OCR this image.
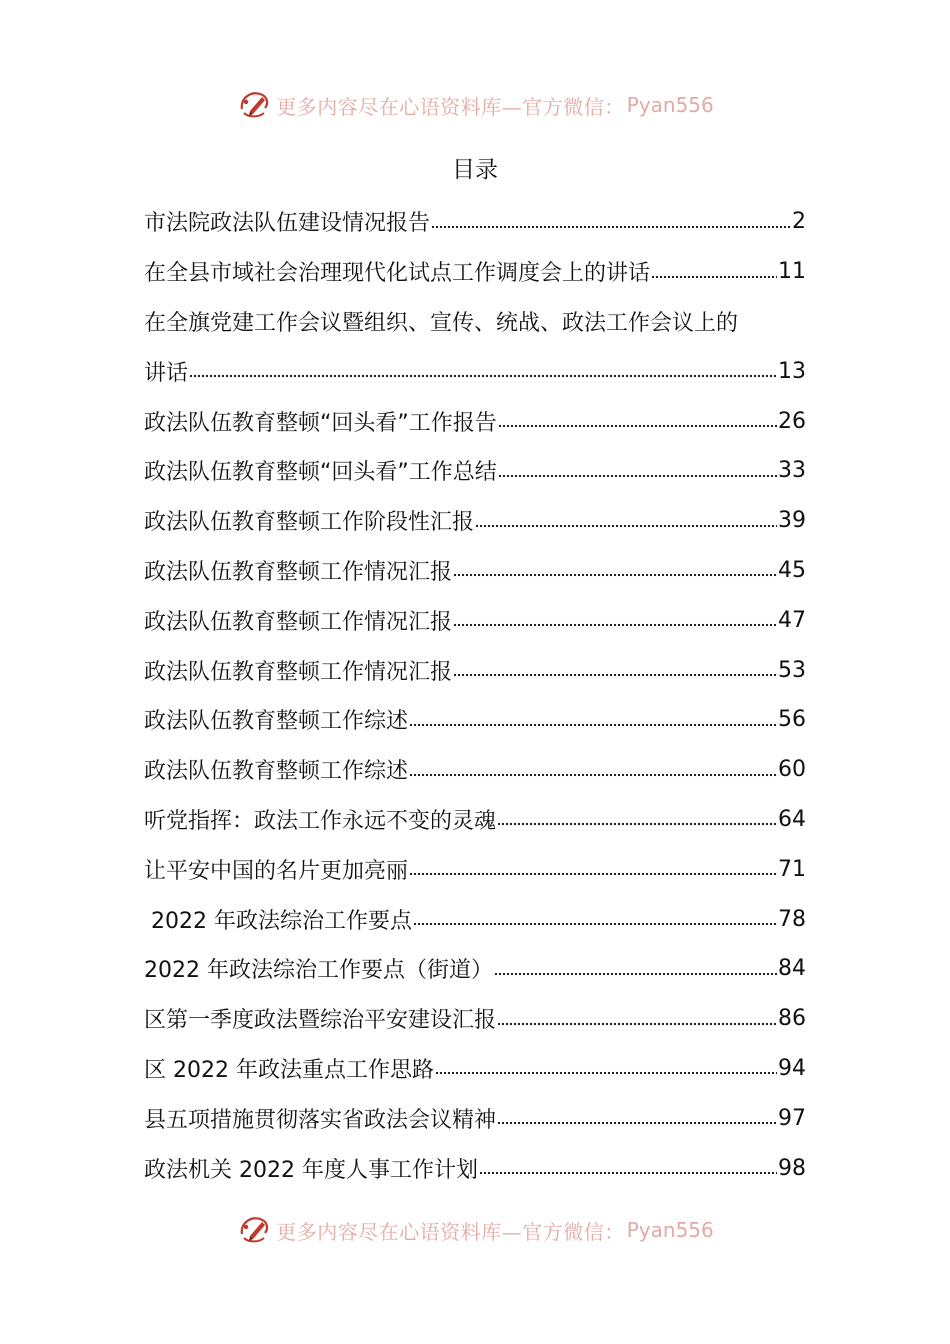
更多内容尽在心语资料库—官方微信： Pyan556
目录
市法院政法队伍建设情况报告	2
在全县市域社会治理现代化试点工作调度会上的讲话	11
在全旗党建工作会议暨组织、宣传、统战、政法工作会议上的
讲话	13
政法队伍教育整顿“回头看”工作报告	26
政法队伍教育整顿“回头看”工作总结	33
政法队伍教育整顿工作阶段性汇报	39
政法队伍教育整顿工作情况汇报	45
政法队伍教育整顿工作情况汇报	47
政法队伍教育整顿工作情况汇报	53
政法队伍教育整顿工作综述	56
政法队伍教育整顿工作综述	60
听党指挥：政法工作永远不变的灵魂	64
让平安中国的名片更加亮丽	71
2022 年政法综治工作要点	78
2022 年政法综治工作要点（街道）	84
区第一季度政法暨综治平安建设汇报	86
区 2022 年政法重点工作思路	94
县五项措施贯彻落实省政法会议精神	97
政法机关 2022 年度人事工作计划	98
更多内容尽在心语资料库—官方微信： Pyan556
